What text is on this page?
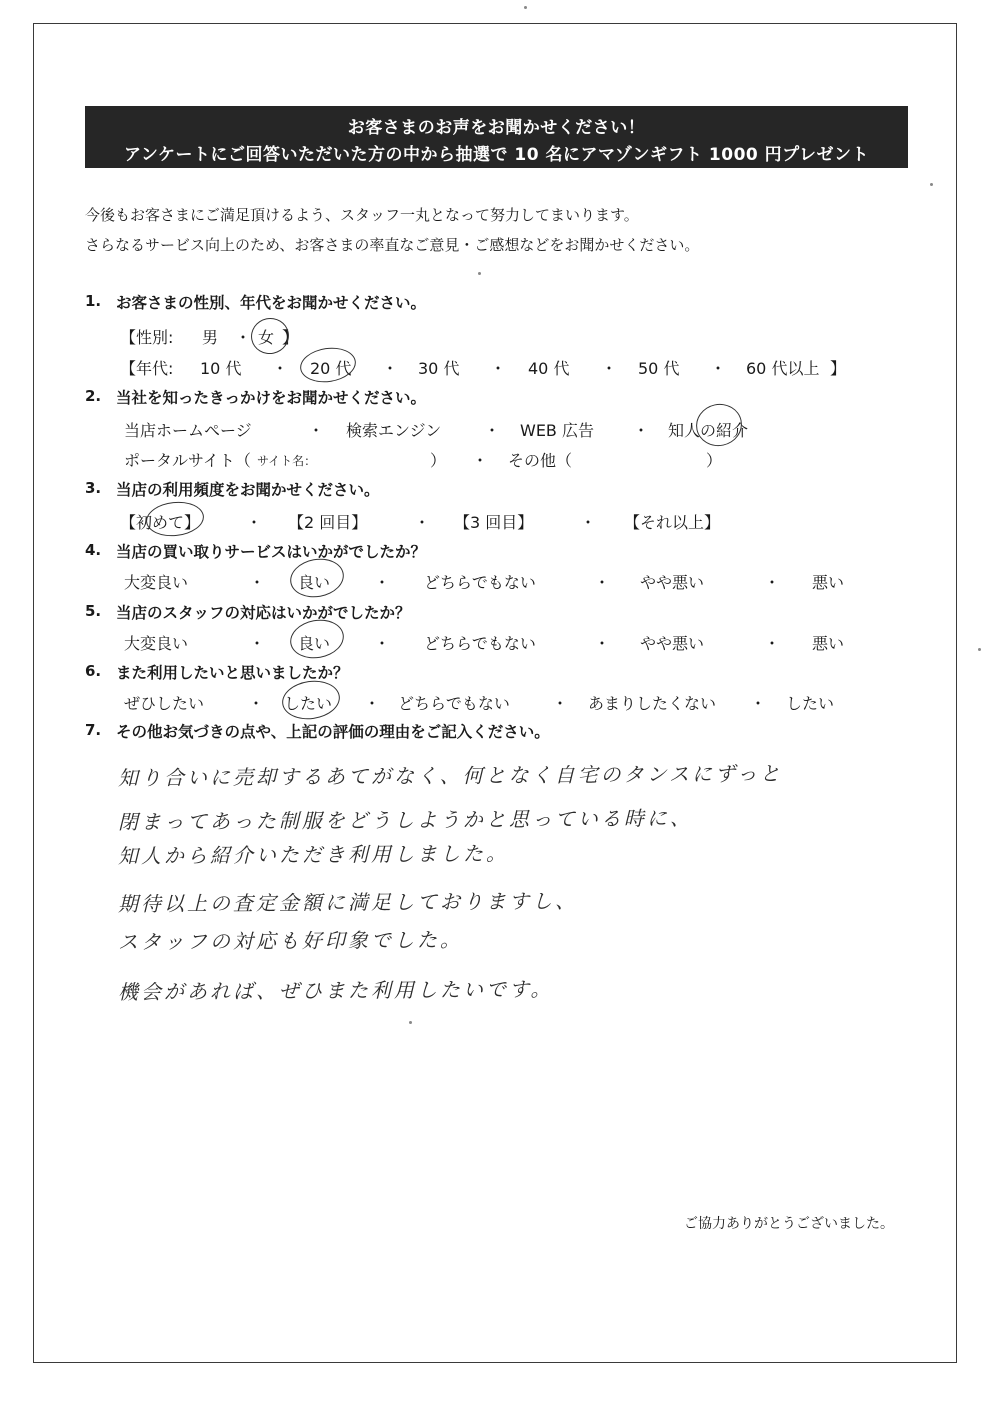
お客さまのお声をお聞かせください！
アンケートにご回答いただいた方の中から抽選で 10 名にアマゾンギフト 1000 円プレゼント
今後もお客さまにご満足頂けるよう、スタッフ一丸となって努力してまいります。
さらなるサービス向上のため、お客さまの率直なご意見・ご感想などをお聞かせください。
1. お客さまの性別、年代をお聞かせください。
【性別: 男 ・ 女 】
【年代: 10 代 ・ 20 代 ・ 30 代 ・ 40 代 ・ 50 代 ・ 60 代以上 】
2. 当社を知ったきっかけをお聞かせください。
当店ホームページ	・ 検索エンジン	・ WEB 広告 ・ 知人の紹介
ポータルサイト（ サイト名：	） ・ その他（	）
3. 当店の利用頻度をお聞かせください。
【初めて】	・ 【2 回目】	・ 【3 回目】	・ 【それ以上】
4. 当店の買い取りサービスはいかがでしたか？
大変良い	・ 良い	・ どちらでもない	・ やや悪い	・ 悪い
5. 当店のスタッフの対応はいかがでしたか？
大変良い	・ 良い	・ どちらでもない	・ やや悪い	・ 悪い
6. また利用したいと思いましたか？
ぜひしたい	・ したい ・ どちらでもない	・ あまりしたくない ・ したい
7. その他お気づきの点や、上記の評価の理由をご記入ください。
知り合いに売却するあてがなく、何となく自宅のタンスにずっと
閉まってあった制服をどうしようかと思っている時に、
知人から紹介いただき利用しました。
期待以上の査定金額に満足しておりますし、
スタッフの対応も好印象でした。
機会があれば、ぜひまた利用したいです。
ご協力ありがとうございました。
